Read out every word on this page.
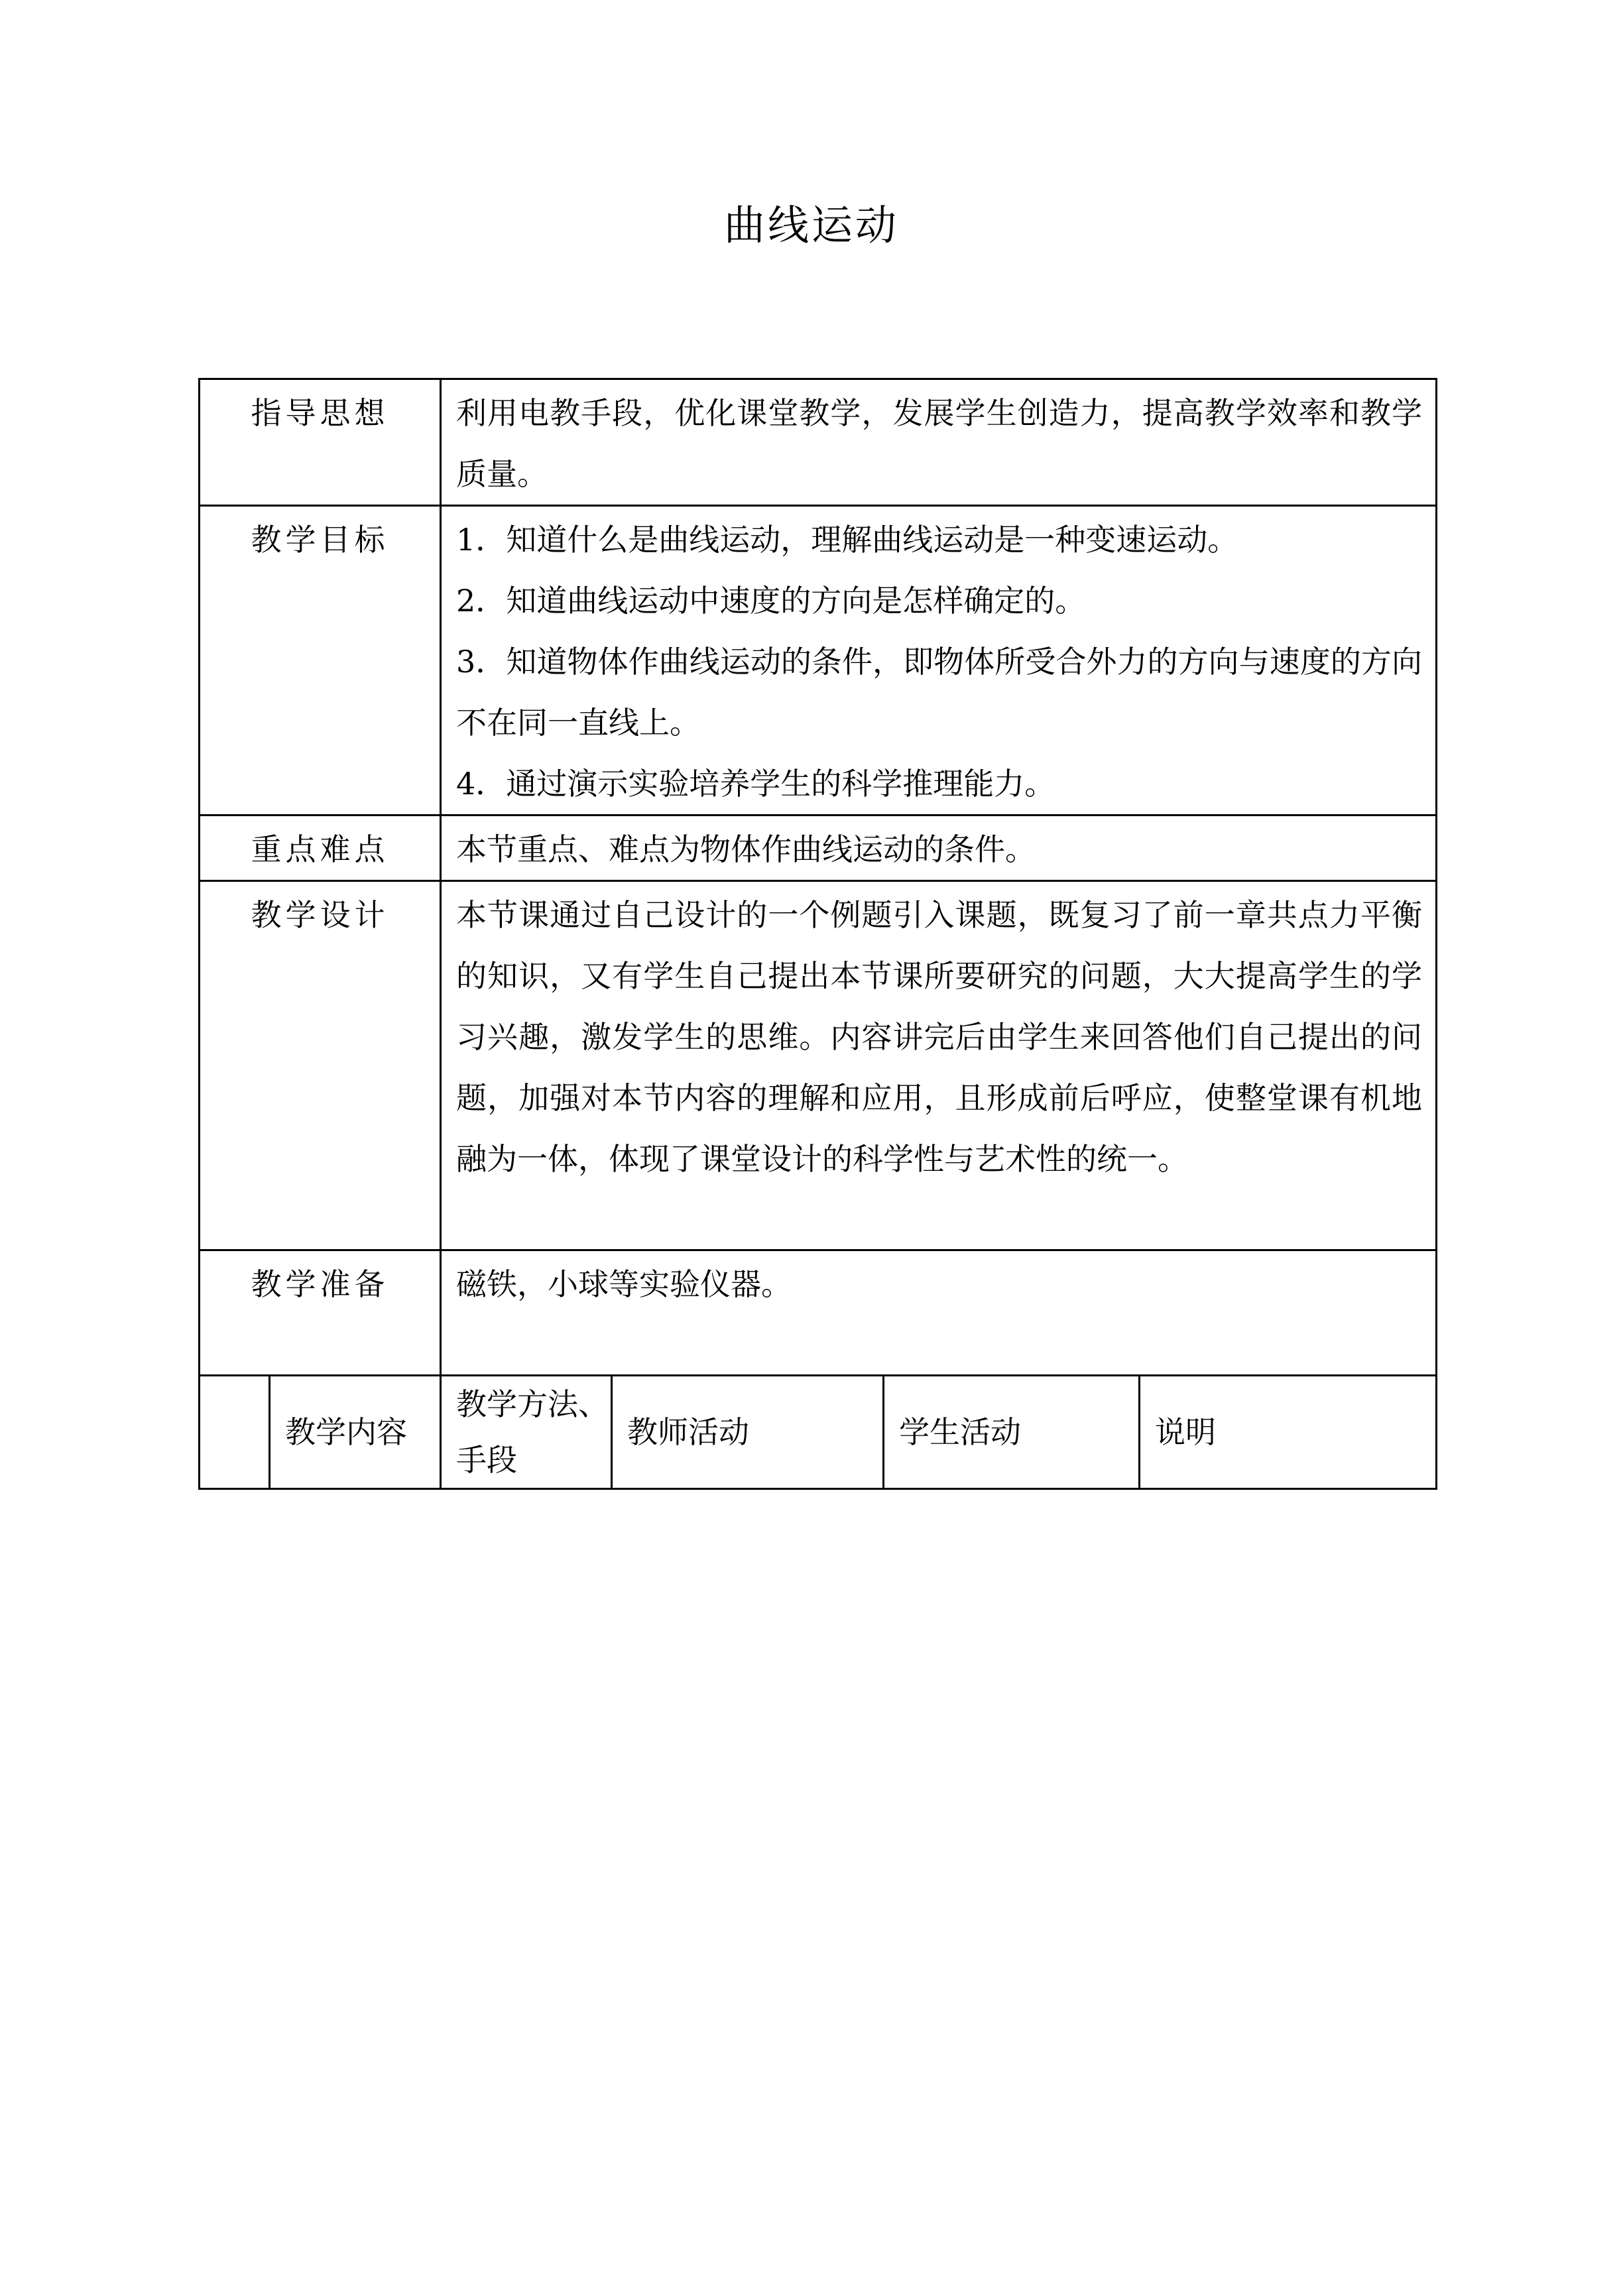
曲线运动
指导思想		利用电教手段，优化课堂教学，发展学生创造力，提高教学效率和教学质量。			

教学目标		1．知道什么是曲线运动，理解曲线运动是一种变速运动。
2．知道曲线运动中速度的方向是怎样确定的。
3．知道物体作曲线运动的条件，即物体所受合外力的方向与速度的方向不在同一直线上。
4．通过演示实验培养学生的科学推理能力。			

重点难点		本节重点、难点为物体作曲线运动的条件。			

教学设计		本节课通过自己设计的一个例题引入课题，既复习了前一章共点力平衡的知识，又有学生自己提出本节课所要研究的问题，大大提高学生的学习兴趣，激发学生的思维。内容讲完后由学生来回答他们自己提出的问题，加强对本节内容的理解和应用，且形成前后呼应，使整堂课有机地融为一体，体现了课堂设计的科学性与艺术性的统一。			

教学准备		磁铁，小球等实验仪器。			

	教学内容	教学方法、手段	教师活动	学生活动	说明
